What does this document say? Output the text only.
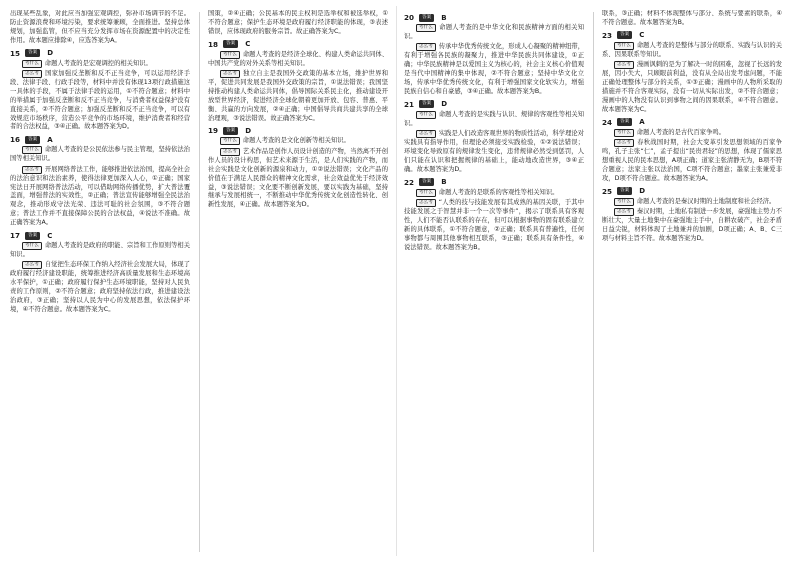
出现某些乱象，对此应当加强宏观调控，弥补市场调节的不足。防止资源浪费和环境污染，要求统筹兼顾，全面推进。坚持总体规划，加强监管，但不应当充分发挥市场在资源配置中的决定性作用。故本题应排除④，应选答案为A。

15	答案	D

考什么 命题人考查的是宏观调控的相关知识。

怎么考 国家加强反垄断和反不正当竞争，可以运用经济手段、法律手段、行政手段等，材料中并没有体现13项行政措施这一具体的手段，不属于法律手段的运用，①不符合题意；材料中的举措属于加强反垄断和反不正当竞争，与消费者权益保护没有直接关系，②不符合题意；加强反垄断和反不正当竞争，可以有效规范市场秩序，营造公平竞争的市场环境，维护消费者和经营者的合法权益，③④正确。故本题答案为D。

16	答案	A

考什么 命题人考查的是公民依法参与民主管理，坚持依法治国等相关知识。

怎么考 开展网络普法工作，能够推进依法治国，提高全社会的法治意识和法治素养，使得法律更加深入人心，①正确；国家宪法日开展网络普法活动，可以借助网络传播优势，扩大普法覆盖面，增强普法的实效性，②正确；普法宣传能够增强全民法治观念，推动形成守法光荣、违法可耻的社会氛围，③不符合题意；普法工作并不直接保障公民的合法权益，④说法不准确。故正确答案为A。

17	答案	C

考什么 命题人考查的是政府的职能、宗旨和工作原则等相关知识。

怎么考 自觉把生态环保工作纳入经济社会发展大局，体现了政府履行经济建设职能，统筹推进经济高质量发展和生态环境高水平保护，①正确；政府履行保护生态环境职能，坚持对人民负责的工作原则，②不符合题意；政府坚持依法行政，推进建设法治政府，③正确；坚持以人民为中心的发展思想，依法保护环境，④不符合题意。故本题答案为C。

国策，②④正确；公民基本的民主权利是选举权和被选举权，①不符合题意；保护生态环境是政府履行经济职能的体现，③表述错误，应体现政府的服务宗旨。故正确答案为C。

18	答案	C

考什么 命题人考查的是经济全球化、构建人类命运共同体、中国共产党的对外关系等相关知识。

怎么考 独立自主是我国外交政策的基本立场，维护世界和平，促进共同发展是我国外交政策的宗旨，①说法错误；我国坚持推动构建人类命运共同体，倡导国际关系民主化，推动建设开放型世界经济，促进经济全球化朝着更加开放、包容、普惠、平衡、共赢的方向发展，②④正确；中国倡导共商共建共享的全球治理观，③说法错误。故正确答案为C。

19	答案	D

考什么 命题人考查的是文化创新等相关知识。

怎么考 艺术作品是创作人员设计创造的产物，当然离不开创作人员的设计构思，但艺术来源于生活，是人们实践的产物，而社会实践是文化创新的源泉和动力，①②说法错误；文化产品的价值在于满足人民群众的精神文化需求，社会效益优先于经济效益，③说法错误；文化要不断创新发展，要以实践为基础，坚持继承与发展相统一，不断推动中华优秀传统文化创造性转化、创新性发展，④正确。故本题答案为D。

20	答案	B

考什么 命题人考查的是中华文化和民族精神方面的相关知识。

怎么考 传承中华优秀传统文化，形成人心凝聚的精神纽带，有利于增强各民族的凝聚力，推进中华民族共同体建设，①正确；中华民族精神是以爱国主义为核心的，社会主义核心价值观是当代中国精神的集中体现，②不符合题意；坚持中华文化立场，传承中华优秀传统文化，有利于增强国家文化软实力，增强民族自信心和自豪感，③④正确。故本题答案为B。

21	答案	D

考什么 命题人考查的是实践与认识、规律的客观性等相关知识。

怎么考 实践是人们改造客观世界的物质性活动，科学理论对实践具有指导作用，但理论必须接受实践检验，①②说法错误；环境变化导致原有的规律发生变化，违背规律必然受到惩罚，人们只能在认识和把握规律的基础上，能动地改造世界，③④正确。故本题答案为D。

22	答案	B

考什么 命题人考查的是联系的客观性等相关知识。

怎么考 “人类的技与技能发展有其成熟的基因关联，于其中技能发展之于智慧并非一个一次等事件”，揭示了联系具有客观性，人们不能否认联系的存在，但可以根据事物的固有联系建立新的具体联系，①不符合题意，②正确；联系具有普遍性，任何事物都与周围其他事物相互联系，③正确；联系具有条件性，④说法错误。故本题答案为B。

联系，③正确；材料不体现整体与部分、系统与要素的联系，④不符合题意。故本题答案为B。

23	答案	C

考什么 命题人考查的是整体与部分的联系、实践与认识的关系、因果联系等知识。

怎么考 漫画讽刺的是为了解决一时的困难，忽视了长远的发展，因小失大，只顾眼前利益，没有从全局出发考虑问题，不能正确处理整体与部分的关系，①③正确；漫画中的人物所采取的措施并不符合客观实际，没有一切从实际出发，②不符合题意；漫画中的人物没有认识到事物之间的因果联系，④不符合题意。故本题答案为C。

24	答案	A

考什么 命题人考查的是古代百家争鸣。

怎么考 春秋战国时期，社会大变革引发思想领域的百家争鸣，孔子主张“仁”，孟子提出“民贵君轻”的思想，体现了儒家思想重视人民的民本思想，A项正确；道家主张清静无为，B项不符合题意；法家主张以法治国，C项不符合题意；墨家主张兼爱非攻，D项不符合题意。故本题答案为A。

25	答案	D

考什么 命题人考查的是秦汉时期的土地制度和社会经济。

怎么考 秦汉时期，土地私有制进一步发展，豪强地主势力不断壮大，大量土地集中在豪强地主手中，自耕农破产，社会矛盾日益尖锐，材料体现了土地兼并的加剧，D项正确；A、B、C三项与材料主旨不符。故本题答案为D。
